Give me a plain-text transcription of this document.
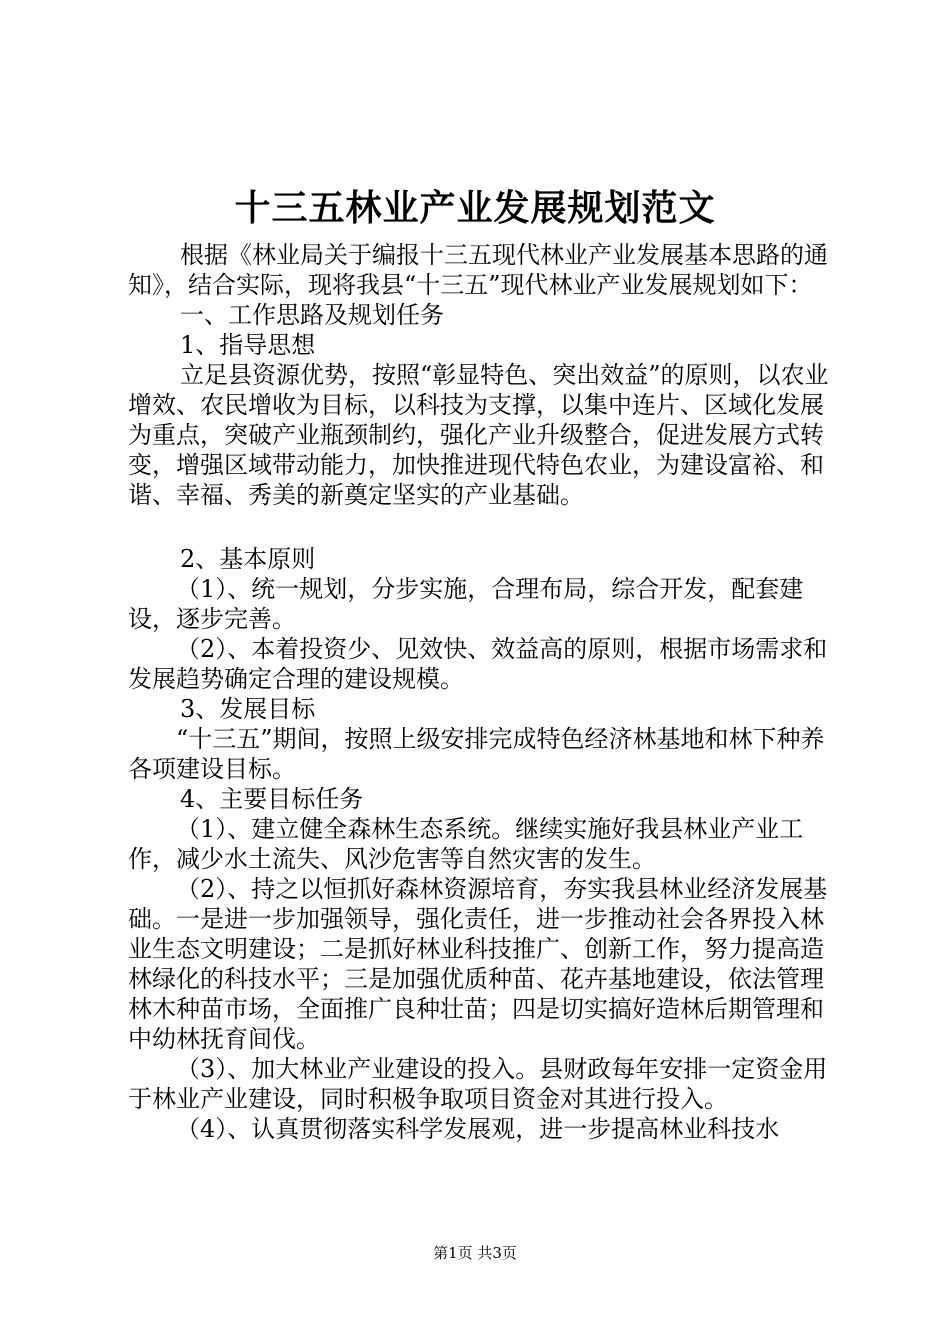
十三五林业产业发展规划范文

根据《林业局关于编报十三五现代林业产业发展基本思路的通知》，结合实际，现将我县“十三五”现代林业产业发展规划如下：

一、工作思路及规划任务

1、指导思想

立足县资源优势，按照“彰显特色、突出效益”的原则，以农业增效、农民增收为目标，以科技为支撑，以集中连片、区域化发展为重点，突破产业瓶颈制约，强化产业升级整合，促进发展方式转变，增强区域带动能力，加快推进现代特色农业，为建设富裕、和谐、幸福、秀美的新奠定坚实的产业基础。

2、基本原则

（1）、统一规划，分步实施，合理布局，综合开发，配套建设，逐步完善。

（2）、本着投资少、见效快、效益高的原则，根据市场需求和发展趋势确定合理的建设规模。

3、发展目标

“十三五”期间，按照上级安排完成特色经济林基地和林下种养各项建设目标。

4、主要目标任务

（1）、建立健全森林生态系统。继续实施好我县林业产业工作，减少水土流失、风沙危害等自然灾害的发生。

（2）、持之以恒抓好森林资源培育，夯实我县林业经济发展基础。一是进一步加强领导，强化责任，进一步推动社会各界投入林业生态文明建设；二是抓好林业科技推广、创新工作，努力提高造林绿化的科技水平；三是加强优质种苗、花卉基地建设，依法管理林木种苗市场，全面推广良种壮苗；四是切实搞好造林后期管理和中幼林抚育间伐。

（3）、加大林业产业建设的投入。县财政每年安排一定资金用于林业产业建设，同时积极争取项目资金对其进行投入。

（4）、认真贯彻落实科学发展观，进一步提高林业科技水

第1页 共3页
